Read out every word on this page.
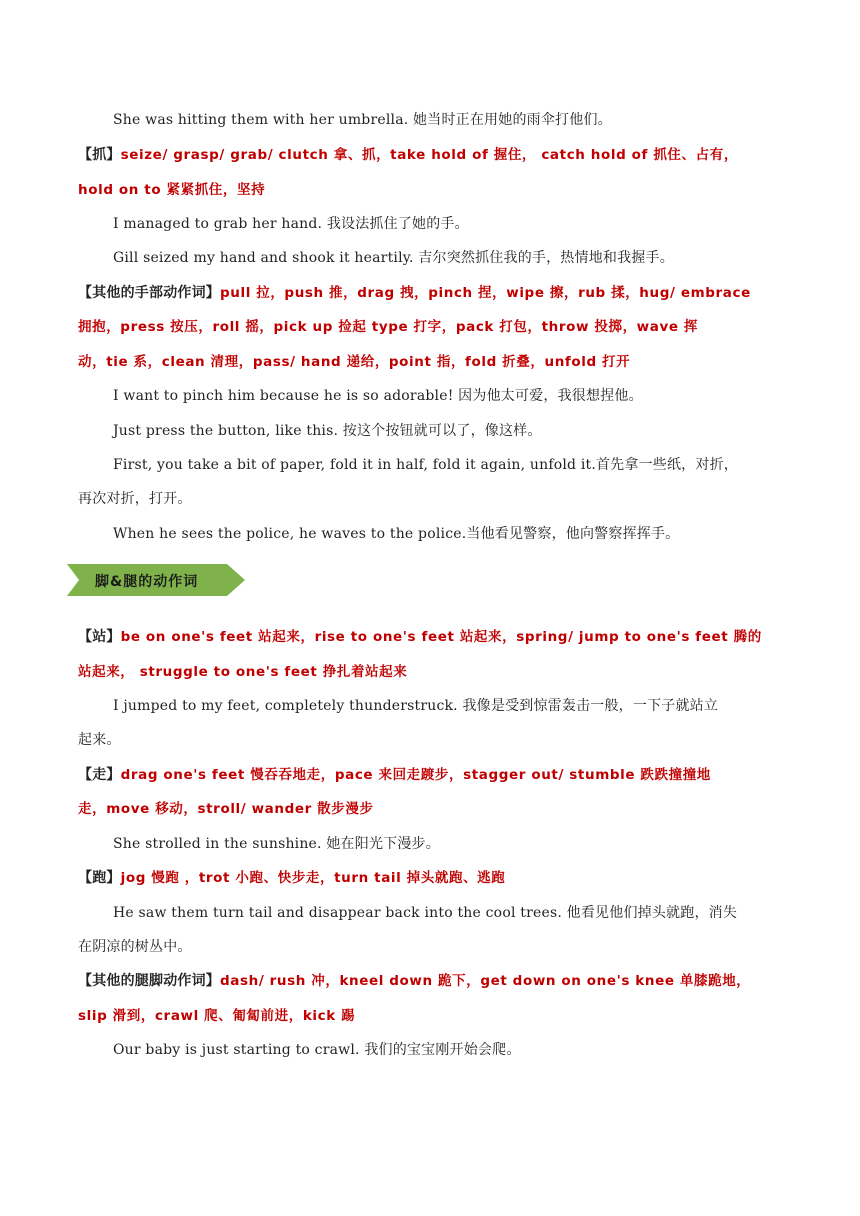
She was hitting them with her umbrella. 她当时正在用她的雨伞打他们。
【抓】seize/ grasp/ grab/ clutch 拿、抓，take hold of 握住， catch hold of 抓住、占有，
hold on to 紧紧抓住，坚持
I managed to grab her hand. 我设法抓住了她的手。
Gill seized my hand and shook it heartily. 吉尔突然抓住我的手，热情地和我握手。
【其他的手部动作词】pull 拉，push 推，drag 拽，pinch 捏，wipe 擦，rub 揉，hug/ embrace
拥抱，press 按压，roll 摇，pick up 捡起 type 打字，pack 打包，throw 投掷，wave 挥
动，tie 系，clean 清理，pass/ hand 递给，point 指，fold 折叠，unfold 打开
I want to pinch him because he is so adorable! 因为他太可爱，我很想捏他。
Just press the button, like this. 按这个按钮就可以了，像这样。
First, you take a bit of paper, fold it in half, fold it again, unfold it.首先拿一些纸，对折，
再次对折，打开。
When he sees the police, he waves to the police.当他看见警察，他向警察挥挥手。
脚&腿的动作词
【站】be on one's feet 站起来，rise to one's feet 站起来，spring/ jump to one's feet 腾的
站起来， struggle to one's feet 挣扎着站起来
I jumped to my feet, completely thunderstruck. 我像是受到惊雷轰击一般，一下子就站立
起来。
【走】drag one's feet 慢吞吞地走，pace 来回走踱步，stagger out/ stumble 跌跌撞撞地
走，move 移动，stroll/ wander 散步漫步
She strolled in the sunshine. 她在阳光下漫步。
【跑】jog 慢跑 ，trot 小跑、快步走，turn tail 掉头就跑、逃跑
He saw them turn tail and disappear back into the cool trees. 他看见他们掉头就跑，消失
在阴凉的树丛中。
【其他的腿脚动作词】dash/ rush 冲，kneel down 跪下，get down on one's knee 单膝跪地，
slip 滑到，crawl 爬、匍匐前进，kick 踢
Our baby is just starting to crawl. 我们的宝宝刚开始会爬。
